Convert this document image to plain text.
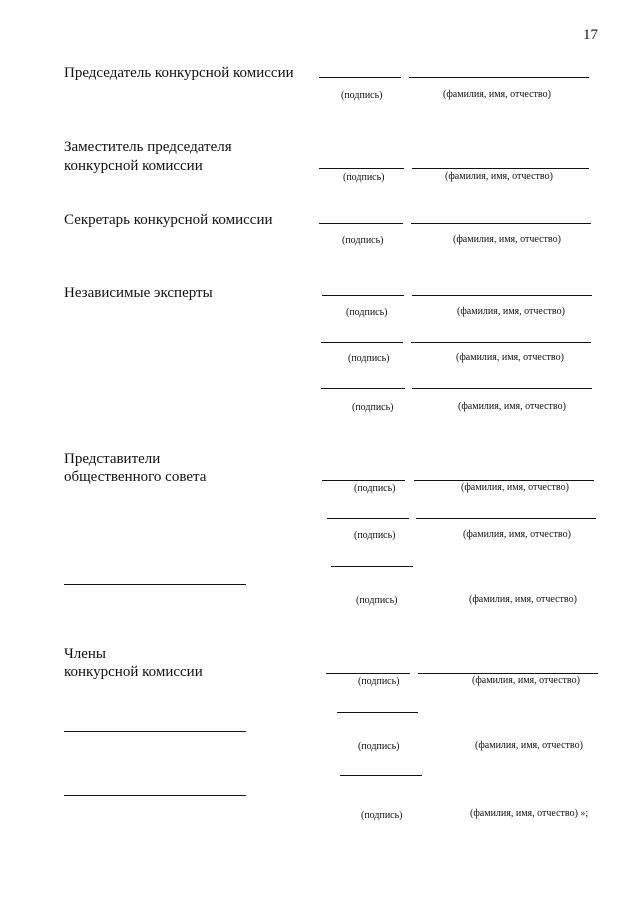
17
Председатель конкурсной комиссии
(подпись)	(фамилия, имя, отчество)
Заместитель председателя
конкурсной комиссии
(подпись)	(фамилия, имя, отчество)
Секретарь конкурсной комиссии
(подпись)	(фамилия, имя, отчество)
Независимые эксперты
(подпись)	(фамилия, имя, отчество)
(подпись)	(фамилия, имя, отчество)
(подпись)	(фамилия, имя, отчество)
Представители
общественного совета
(подпись)	(фамилия, имя, отчество)
(подпись)	(фамилия, имя, отчество)
(подпись)	(фамилия, имя, отчество)
Члены
конкурсной комиссии
(подпись)	(фамилия, имя, отчество)
(подпись)	(фамилия, имя, отчество)
(подпись)	(фамилия, имя, отчество) »;
